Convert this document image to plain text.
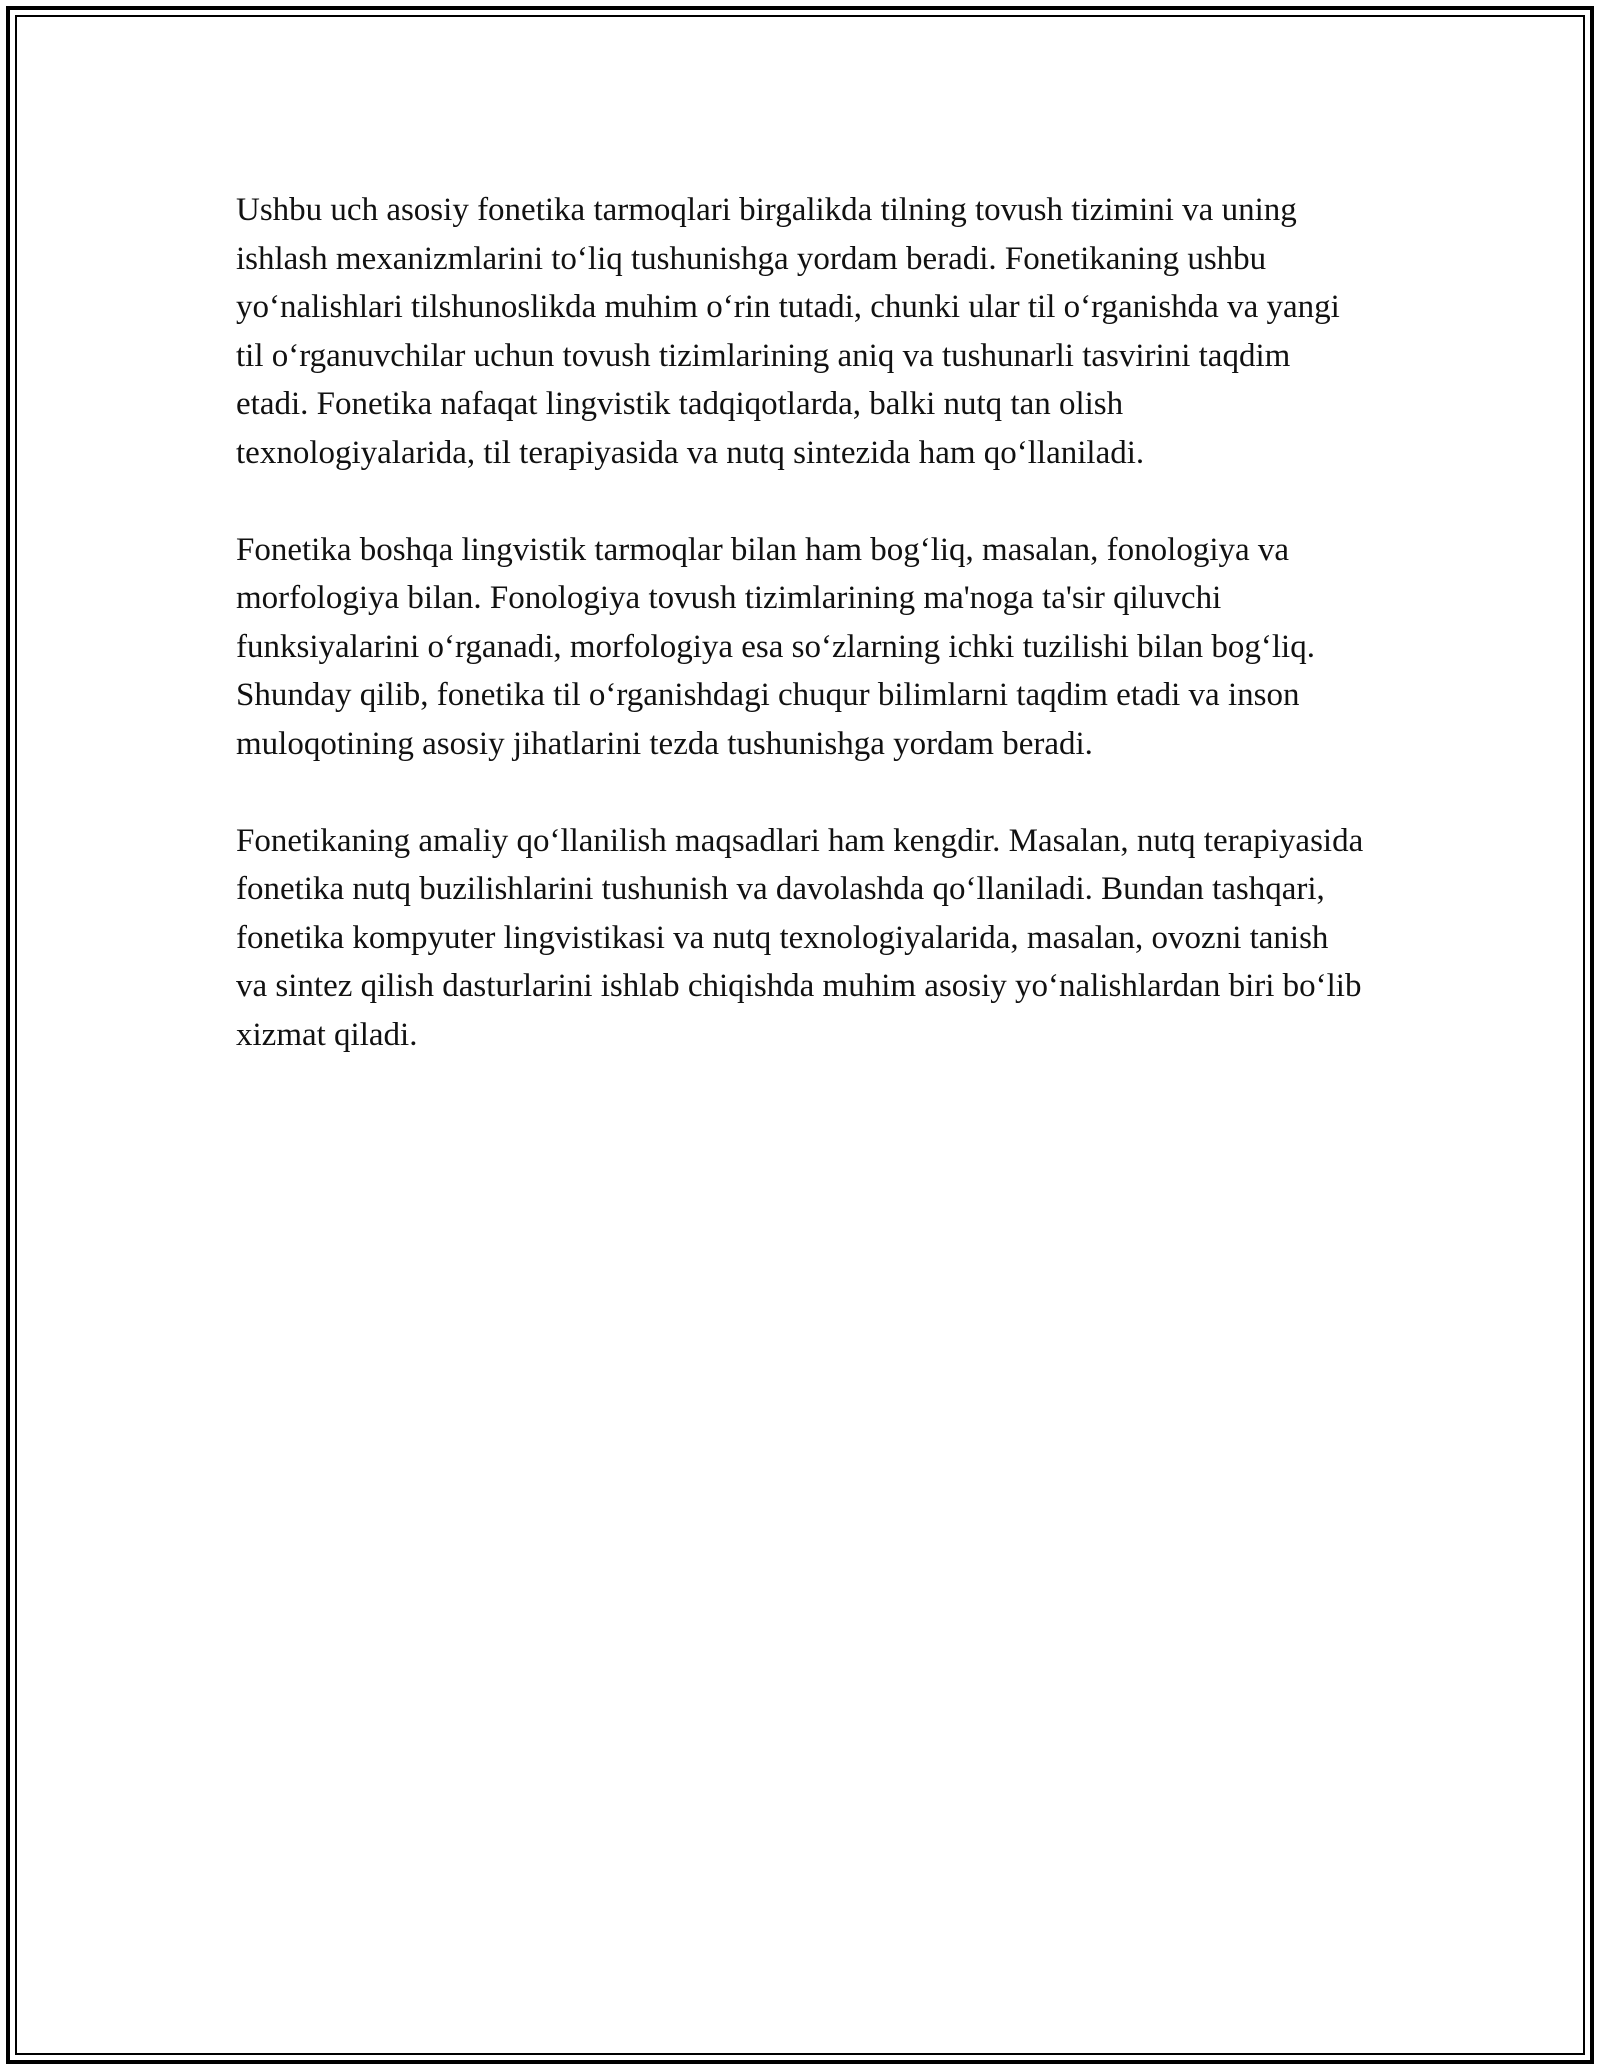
Ushbu uch asosiy fonetika tarmoqlari birgalikda tilning tovush tizimini va uning ishlash mexanizmlarini to‘liq tushunishga yordam beradi. Fonetikaning ushbu yo‘nalishlari tilshunoslikda muhim o‘rin tutadi, chunki ular til o‘rganishda va yangi til o‘rganuvchilar uchun tovush tizimlarining aniq va tushunarli tasvirini taqdim etadi. Fonetika nafaqat lingvistik tadqiqotlarda, balki nutq tan olish texnologiyalarida, til terapiyasida va nutq sintezida ham qo‘llaniladi.

Fonetika boshqa lingvistik tarmoqlar bilan ham bog‘liq, masalan, fonologiya va morfologiya bilan. Fonologiya tovush tizimlarining ma'noga ta'sir qiluvchi funksiyalarini o‘rganadi, morfologiya esa so‘zlarning ichki tuzilishi bilan bog‘liq. Shunday qilib, fonetika til o‘rganishdagi chuqur bilimlarni taqdim etadi va inson muloqotining asosiy jihatlarini tezda tushunishga yordam beradi.

Fonetikaning amaliy qo‘llanilish maqsadlari ham kengdir. Masalan, nutq terapiyasida fonetika nutq buzilishlarini tushunish va davolashda qo‘llaniladi. Bundan tashqari, fonetika kompyuter lingvistikasi va nutq texnologiyalarida, masalan, ovozni tanish va sintez qilish dasturlarini ishlab chiqishda muhim asosiy yo‘nalishlardan biri bo‘lib xizmat qiladi.
